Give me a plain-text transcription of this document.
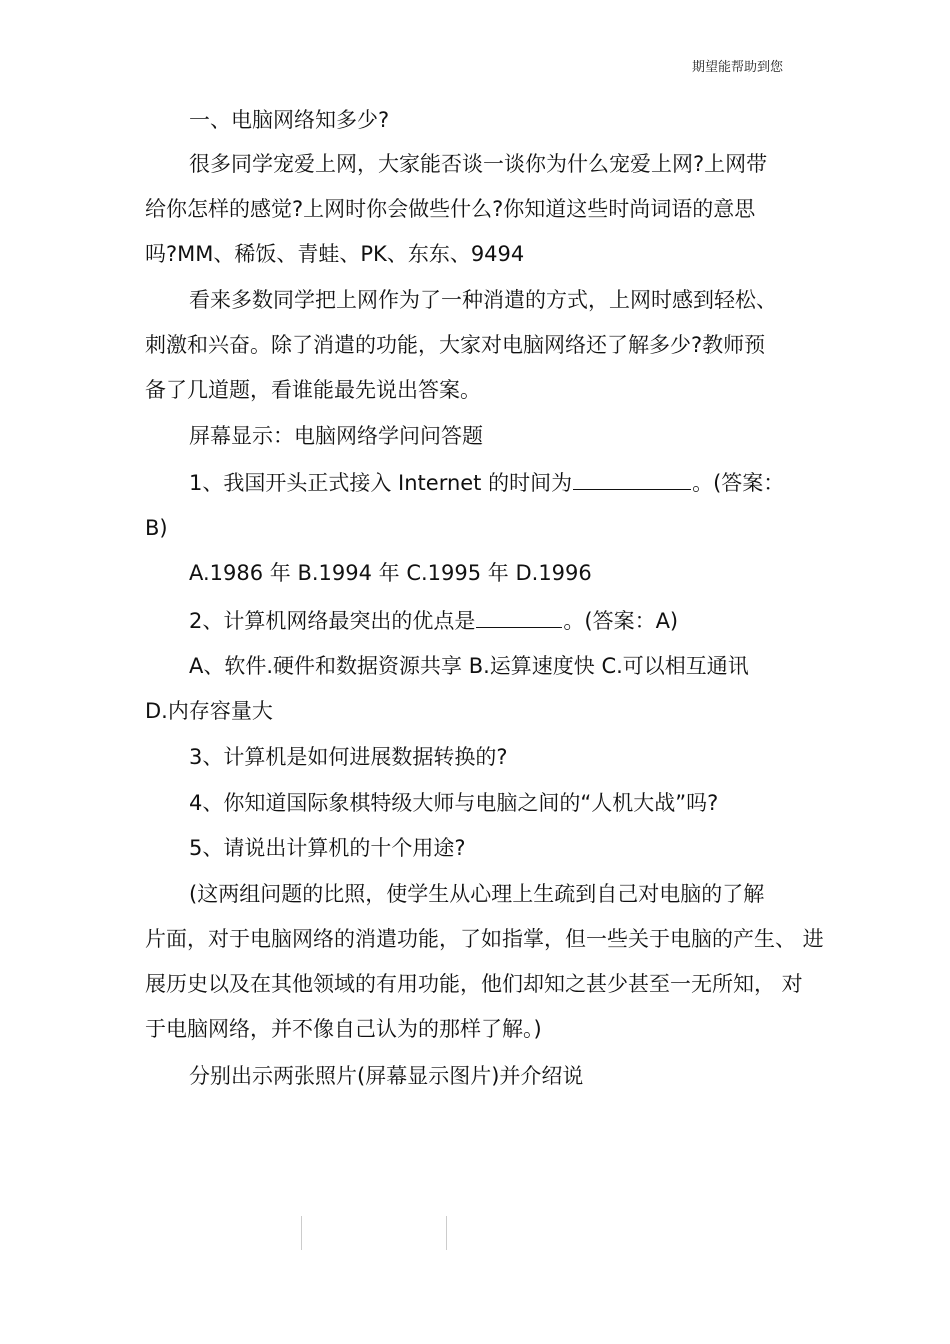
期望能帮助到您
一、电脑网络知多少?
很多同学宠爱上网，大家能否谈一谈你为什么宠爱上网?上网带
给你怎样的感觉?上网时你会做些什么?你知道这些时尚词语的意思
吗?MM、稀饭、青蛙、PK、东东、9494
看来多数同学把上网作为了一种消遣的方式，上网时感到轻松、
刺激和兴奋。除了消遣的功能，大家对电脑网络还了解多少?教师预
备了几道题，看谁能最先说出答案。
屏幕显示：电脑网络学问问答题
1、我国开头正式接入 Internet 的时间为	。(答案：
B)
A.1986 年 B.1994 年 C.1995 年 D.1996
2、计算机网络最突出的优点是	。(答案：A)
A、软件.硬件和数据资源共享 B.运算速度快 C.可以相互通讯
D.内存容量大
3、计算机是如何进展数据转换的?
4、你知道国际象棋特级大师与电脑之间的“人机大战”吗?
5、请说出计算机的十个用途?
(这两组问题的比照，使学生从心理上生疏到自己对电脑的了解
片面，对于电脑网络的消遣功能，了如指掌，但一些关于电脑的产生、 进
展历史以及在其他领域的有用功能，他们却知之甚少甚至一无所知， 对
于电脑网络，并不像自己认为的那样了解。)
分别出示两张照片(屏幕显示图片)并介绍说
